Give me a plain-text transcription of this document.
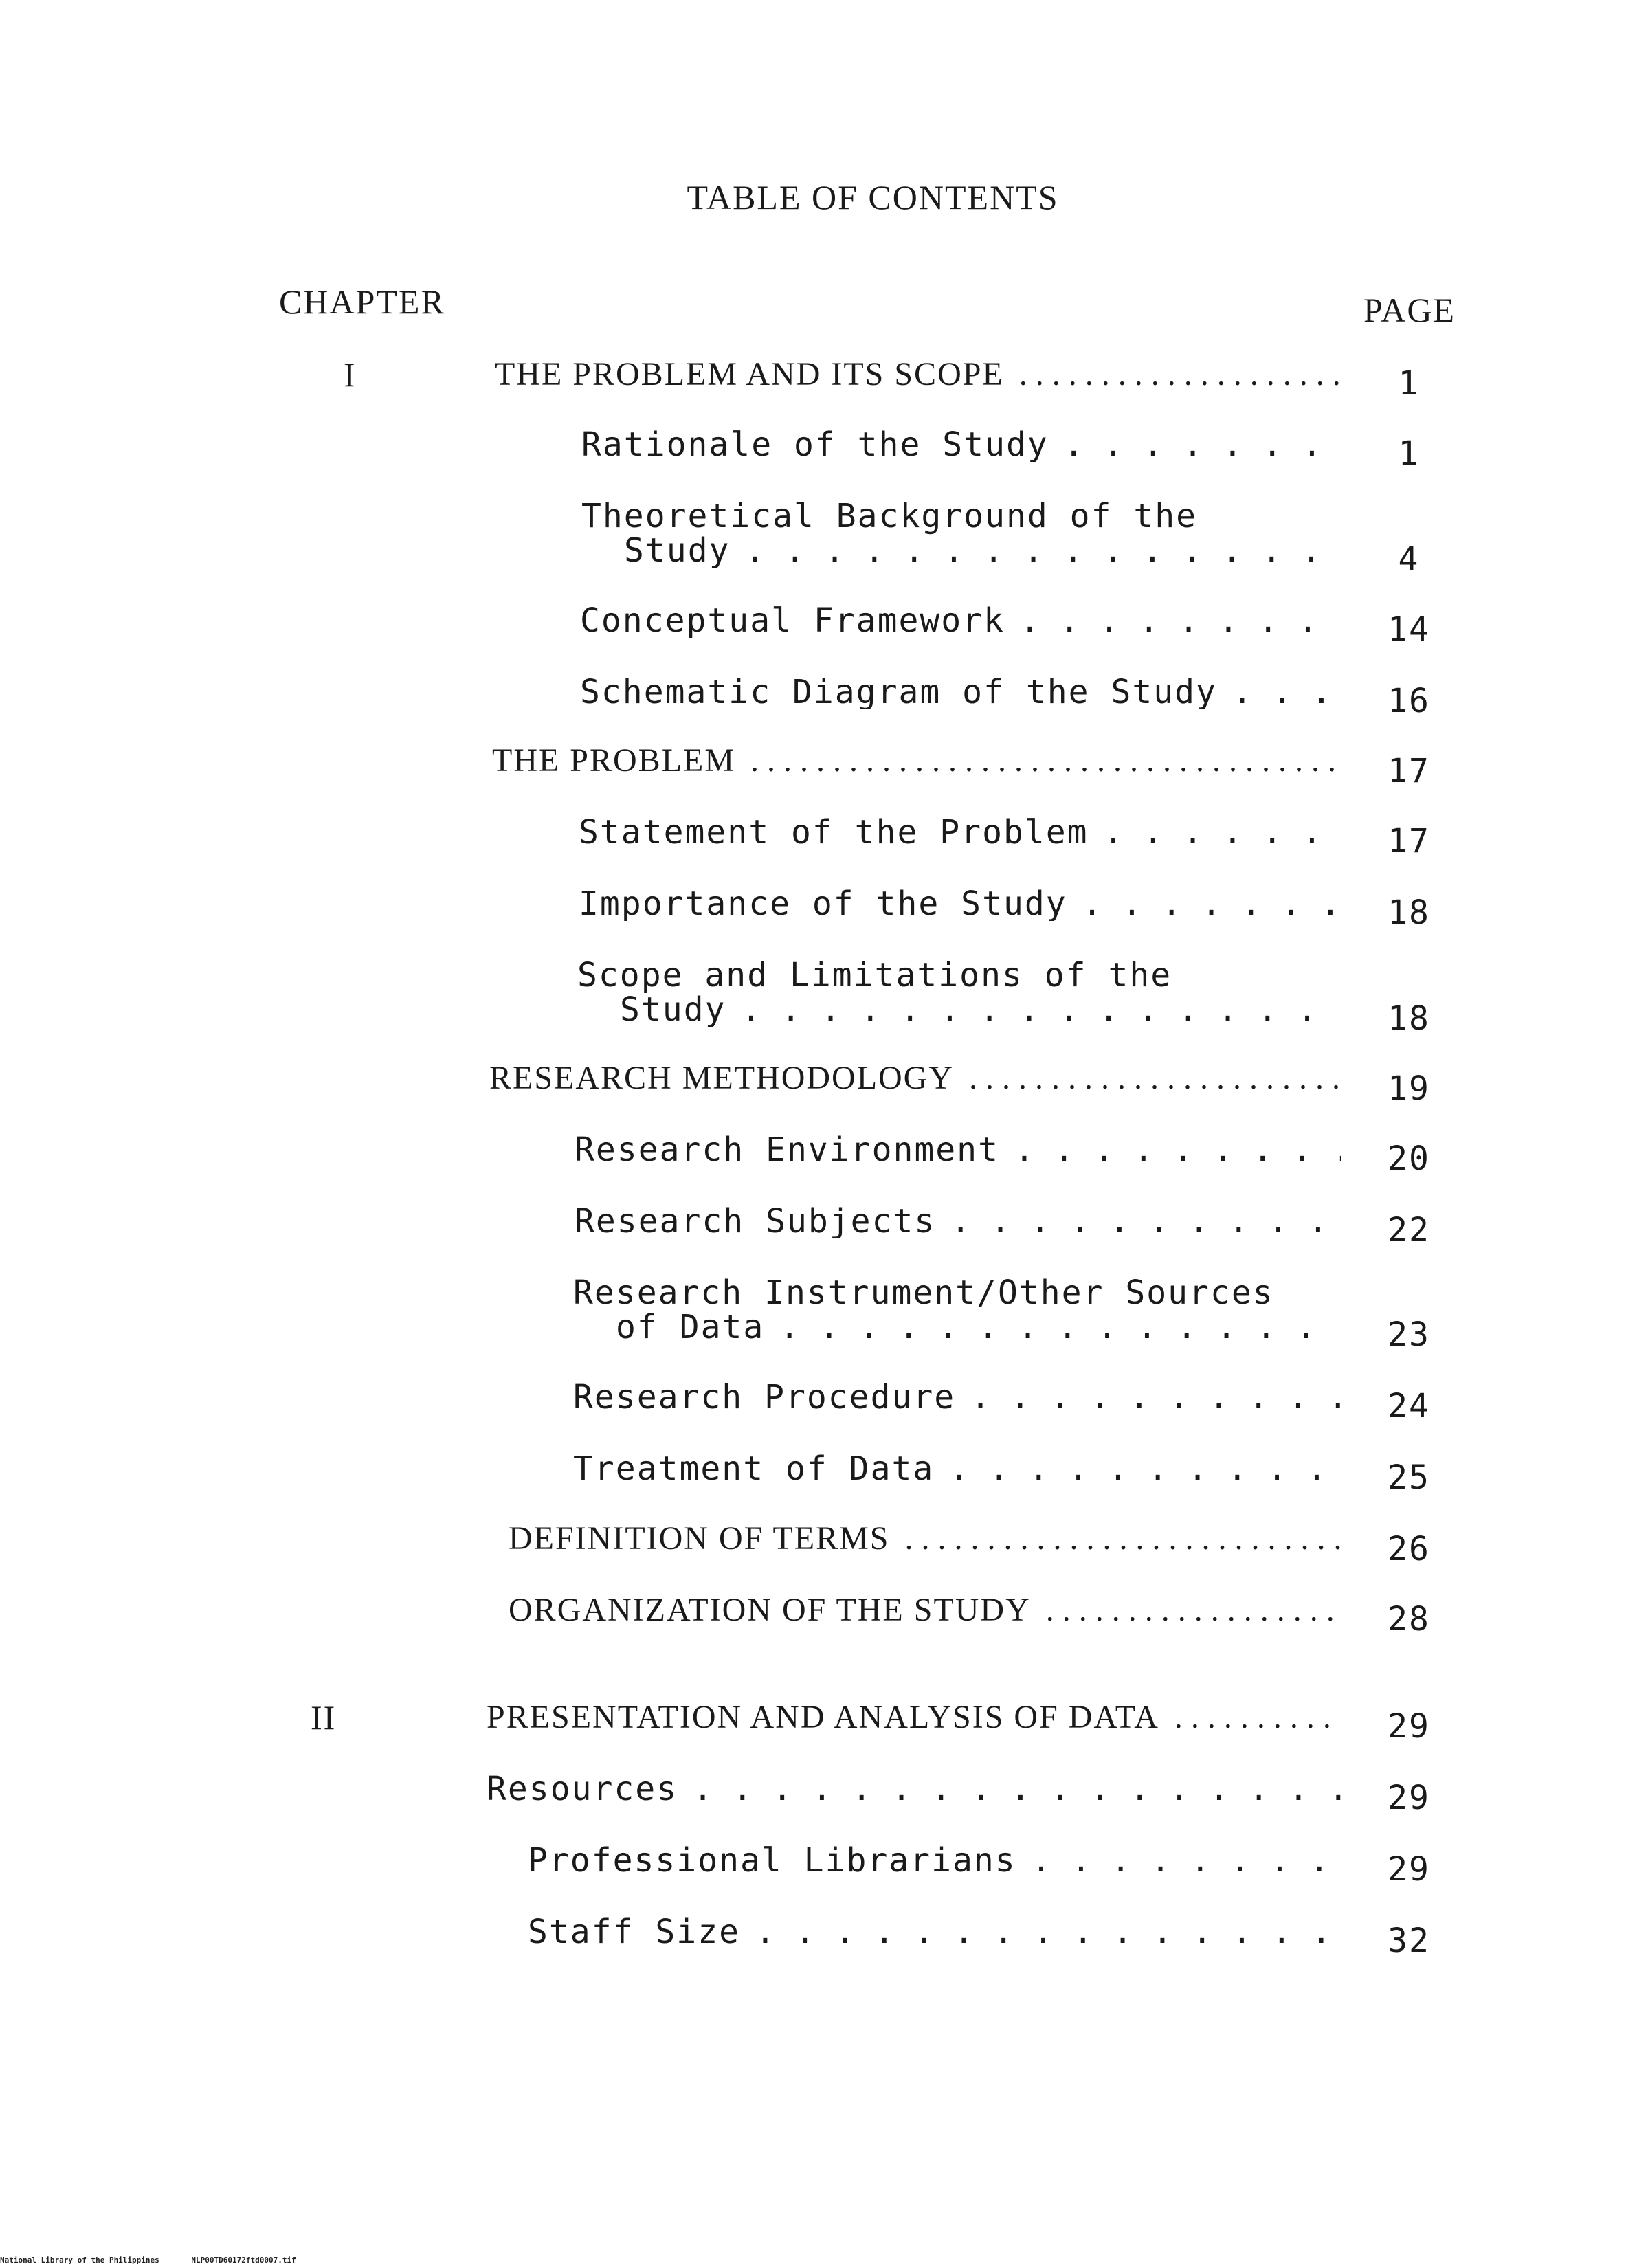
TABLE OF CONTENTS
CHAPTER	PAGE
I	THE PROBLEM AND ITS SCOPE . . .	1
Rationale of the Study . . .	1
Theoretical Background of the
Study . . .	4
Conceptual Framework . . .	14
Schematic Diagram of the Study . . .	16
THE PROBLEM . . .	17
Statement of the Problem . . .	17
Importance of the Study . . .	18
Scope and Limitations of the
Study . . .	18
RESEARCH METHODOLOGY . . .	19
Research Environment . . .	20
Research Subjects . . .	22
Research Instrument/Other Sources
of Data . . .	23
Research Procedure . . .	24
Treatment of Data . . .	25
DEFINITION OF TERMS . . .	26
ORGANIZATION OF THE STUDY . . .	28
II	PRESENTATION AND ANALYSIS OF DATA . . .	29
Resources . . .	29
Professional Librarians . . .	29
Staff Size . . .	32
National Library of the Philippines	NLP00TD60172ftd0007.tif
